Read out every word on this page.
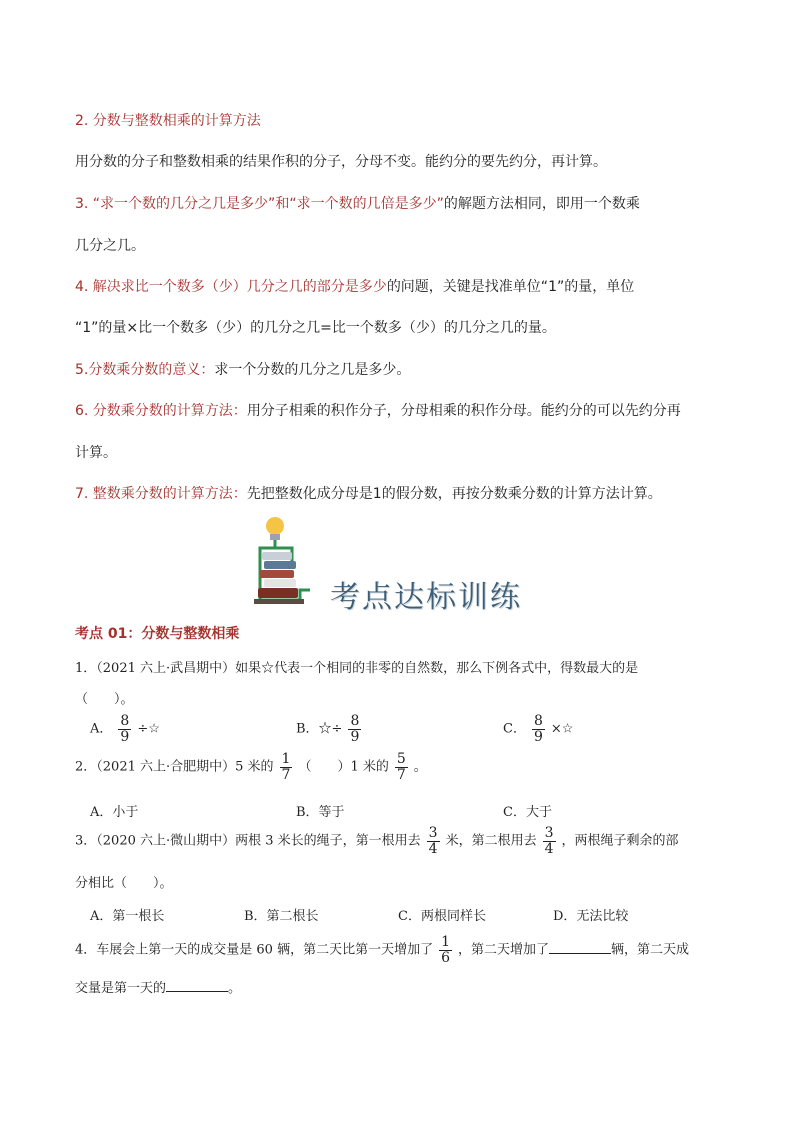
2. 分数与整数相乘的计算方法
用分数的分子和整数相乘的结果作积的分子，分母不变。能约分的要先约分，再计算。
3. “求一个数的几分之几是多少”和“求一个数的几倍是多少”的解题方法相同，即用一个数乘
几分之几。
4. 解决求比一个数多（少）几分之几的部分是多少的问题，关键是找准单位“1”的量，单位
“1”的量×比一个数多（少）的几分之几=比一个数多（少）的几分之几的量。
5.分数乘分数的意义：求一个分数的几分之几是多少。
6. 分数乘分数的计算方法：用分子相乘的积作分子，分母相乘的积作分母。能约分的可以先约分再
计算。
7. 整数乘分数的计算方法：先把整数化成分母是1的假分数，再按分数乘分数的计算方法计算。
考点达标训练
考点 01：分数与整数相乘
1．（2021 六上·武昌期中）如果☆代表一个相同的非零的自然数，那么下例各式中，得数最大的是
（　　）。
A． $\frac{8}{9}$ ÷☆	B．☆÷ $\frac{8}{9}$	C． $\frac{8}{9}$ ×☆
2．（2021 六上·合肥期中）5 米的 $\frac{1}{7}$ （　　）1 米的 $\frac{5}{7}$ 。
A．小于	B．等于	C．大于
3．（2020 六上·微山期中）两根 3 米长的绳子，第一根用去 $\frac{3}{4}$ 米，第二根用去 $\frac{3}{4}$ ，两根绳子剩余的部
分相比（　　）。
A．第一根长	B．第二根长	C．两根同样长	D．无法比较
4．车展会上第一天的成交量是 60 辆，第二天比第一天增加了 $\frac{1}{6}$ ，第二天增加了	辆，第二天成
交量是第一天的	。
